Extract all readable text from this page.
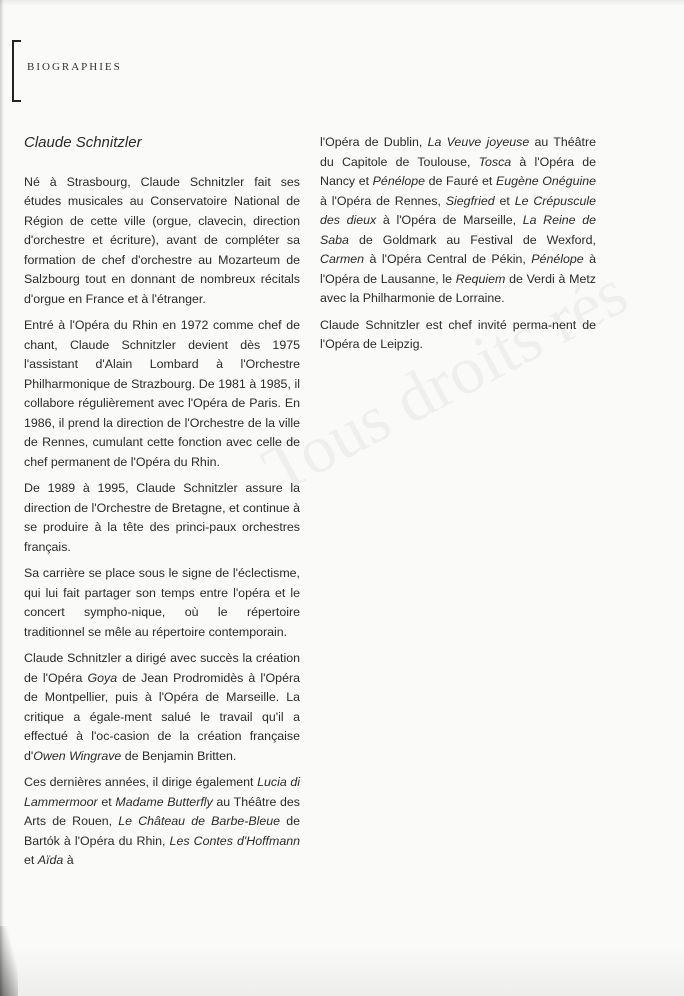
BIOGRAPHIES
Claude Schnitzler

Né à Strasbourg, Claude Schnitzler fait ses études musicales au Conservatoire National de Région de cette ville (orgue, clavecin, direction d'orchestre et écriture), avant de compléter sa formation de chef d'orchestre au Mozarteum de Salzbourg tout en donnant de nombreux récitals d'orgue en France et à l'étranger.

Entré à l'Opéra du Rhin en 1972 comme chef de chant, Claude Schnitzler devient dès 1975 l'assistant d'Alain Lombard à l'Orchestre Philharmonique de Strazbourg. De 1981 à 1985, il collabore régulièrement avec l'Opéra de Paris. En 1986, il prend la direction de l'Orchestre de la ville de Rennes, cumulant cette fonction avec celle de chef permanent de l'Opéra du Rhin.

De 1989 à 1995, Claude Schnitzler assure la direction de l'Orchestre de Bretagne, et continue à se produire à la tête des princi-paux orchestres français.

Sa carrière se place sous le signe de l'éclectisme, qui lui fait partager son temps entre l'opéra et le concert sympho-nique, où le répertoire traditionnel se mêle au répertoire contemporain.

Claude Schnitzler a dirigé avec succès la création de l'Opéra Goya de Jean Prodromidès à l'Opéra de Montpellier, puis à l'Opéra de Marseille. La critique a égale-ment salué le travail qu'il a effectué à l'oc-casion de la création française d'Owen Wingrave de Benjamin Britten.

Ces dernières années, il dirige également Lucia di Lammermoor et Madame Butterfly au Théâtre des Arts de Rouen, Le Château de Barbe-Bleue de Bartók à l'Opéra du Rhin, Les Contes d'Hoffmann et Aïda à

l'Opéra de Dublin, La Veuve joyeuse au Théâtre du Capitole de Toulouse, Tosca à l'Opéra de Nancy et Pénélope de Fauré et Eugène Onéguine à l'Opéra de Rennes, Siegfried et Le Crépuscule des dieux à l'Opéra de Marseille, La Reine de Saba de Goldmark au Festival de Wexford, Carmen à l'Opéra Central de Pékin, Pénélope à l'Opéra de Lausanne, le Requiem de Verdi à Metz avec la Philharmonie de Lorraine.

Claude Schnitzler est chef invité perma-nent de l'Opéra de Leipzig.
